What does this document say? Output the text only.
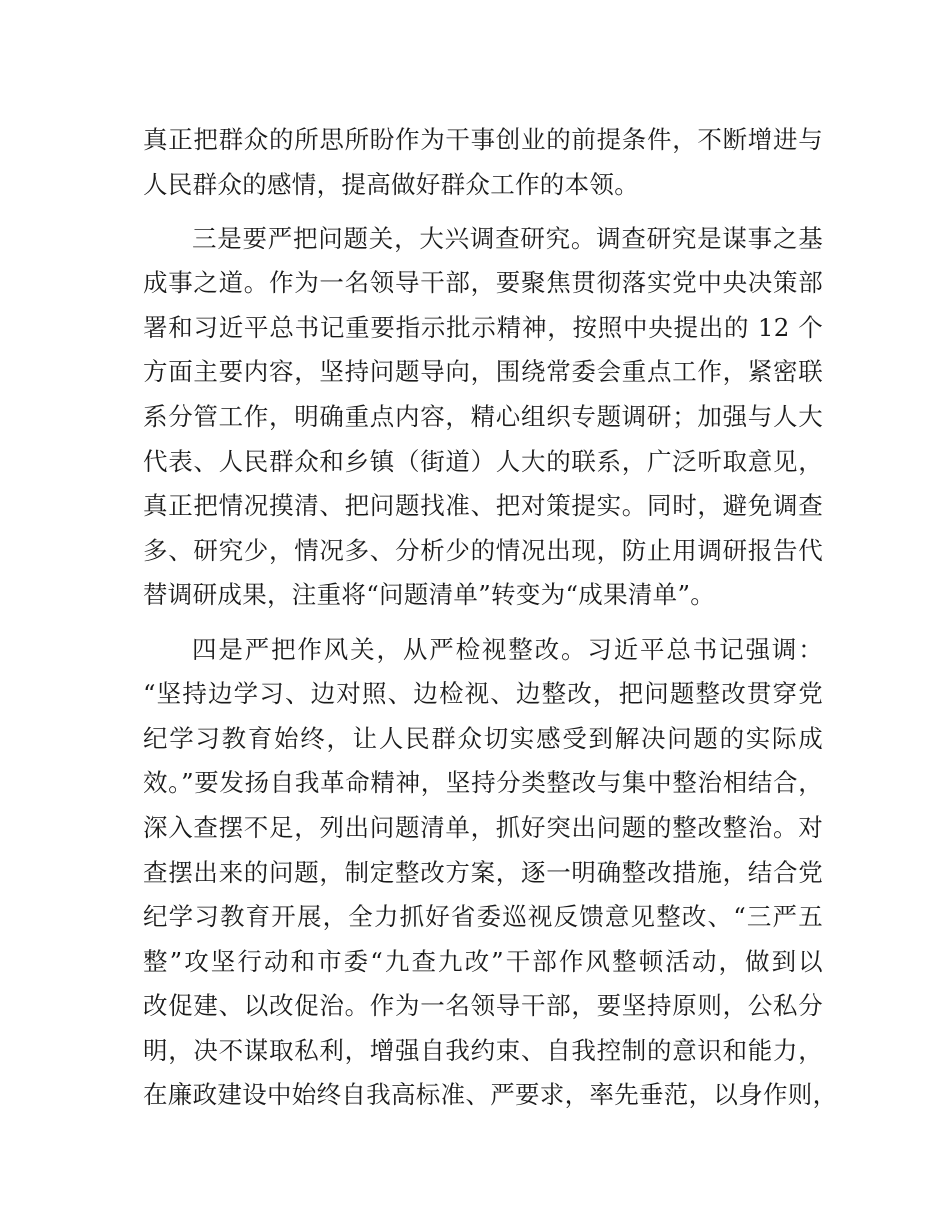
真正把群众的所思所盼作为干事创业的前提条件，不断增进与
人民群众的感情，提高做好群众工作的本领。
三是要严把问题关，大兴调查研究。调查研究是谋事之基
成事之道。作为一名领导干部，要聚焦贯彻落实党中央决策部
署和习近平总书记重要指示批示精神，按照中央提出的 12 个
方面主要内容，坚持问题导向，围绕常委会重点工作，紧密联
系分管工作，明确重点内容，精心组织专题调研；加强与人大
代表、人民群众和乡镇（街道）人大的联系，广泛听取意见，
真正把情况摸清、把问题找准、把对策提实。同时，避免调查
多、研究少，情况多、分析少的情况出现，防止用调研报告代
替调研成果，注重将“问题清单”转变为“成果清单”。
四是严把作风关，从严检视整改。习近平总书记强调：
“坚持边学习、边对照、边检视、边整改，把问题整改贯穿党
纪学习教育始终，让人民群众切实感受到解决问题的实际成
效。”要发扬自我革命精神，坚持分类整改与集中整治相结合，
深入查摆不足，列出问题清单，抓好突出问题的整改整治。对
查摆出来的问题，制定整改方案，逐一明确整改措施，结合党
纪学习教育开展，全力抓好省委巡视反馈意见整改、“三严五
整”攻坚行动和市委“九查九改”干部作风整顿活动，做到以
改促建、以改促治。作为一名领导干部，要坚持原则，公私分
明，决不谋取私利，增强自我约束、自我控制的意识和能力，
在廉政建设中始终自我高标准、严要求，率先垂范，以身作则，
